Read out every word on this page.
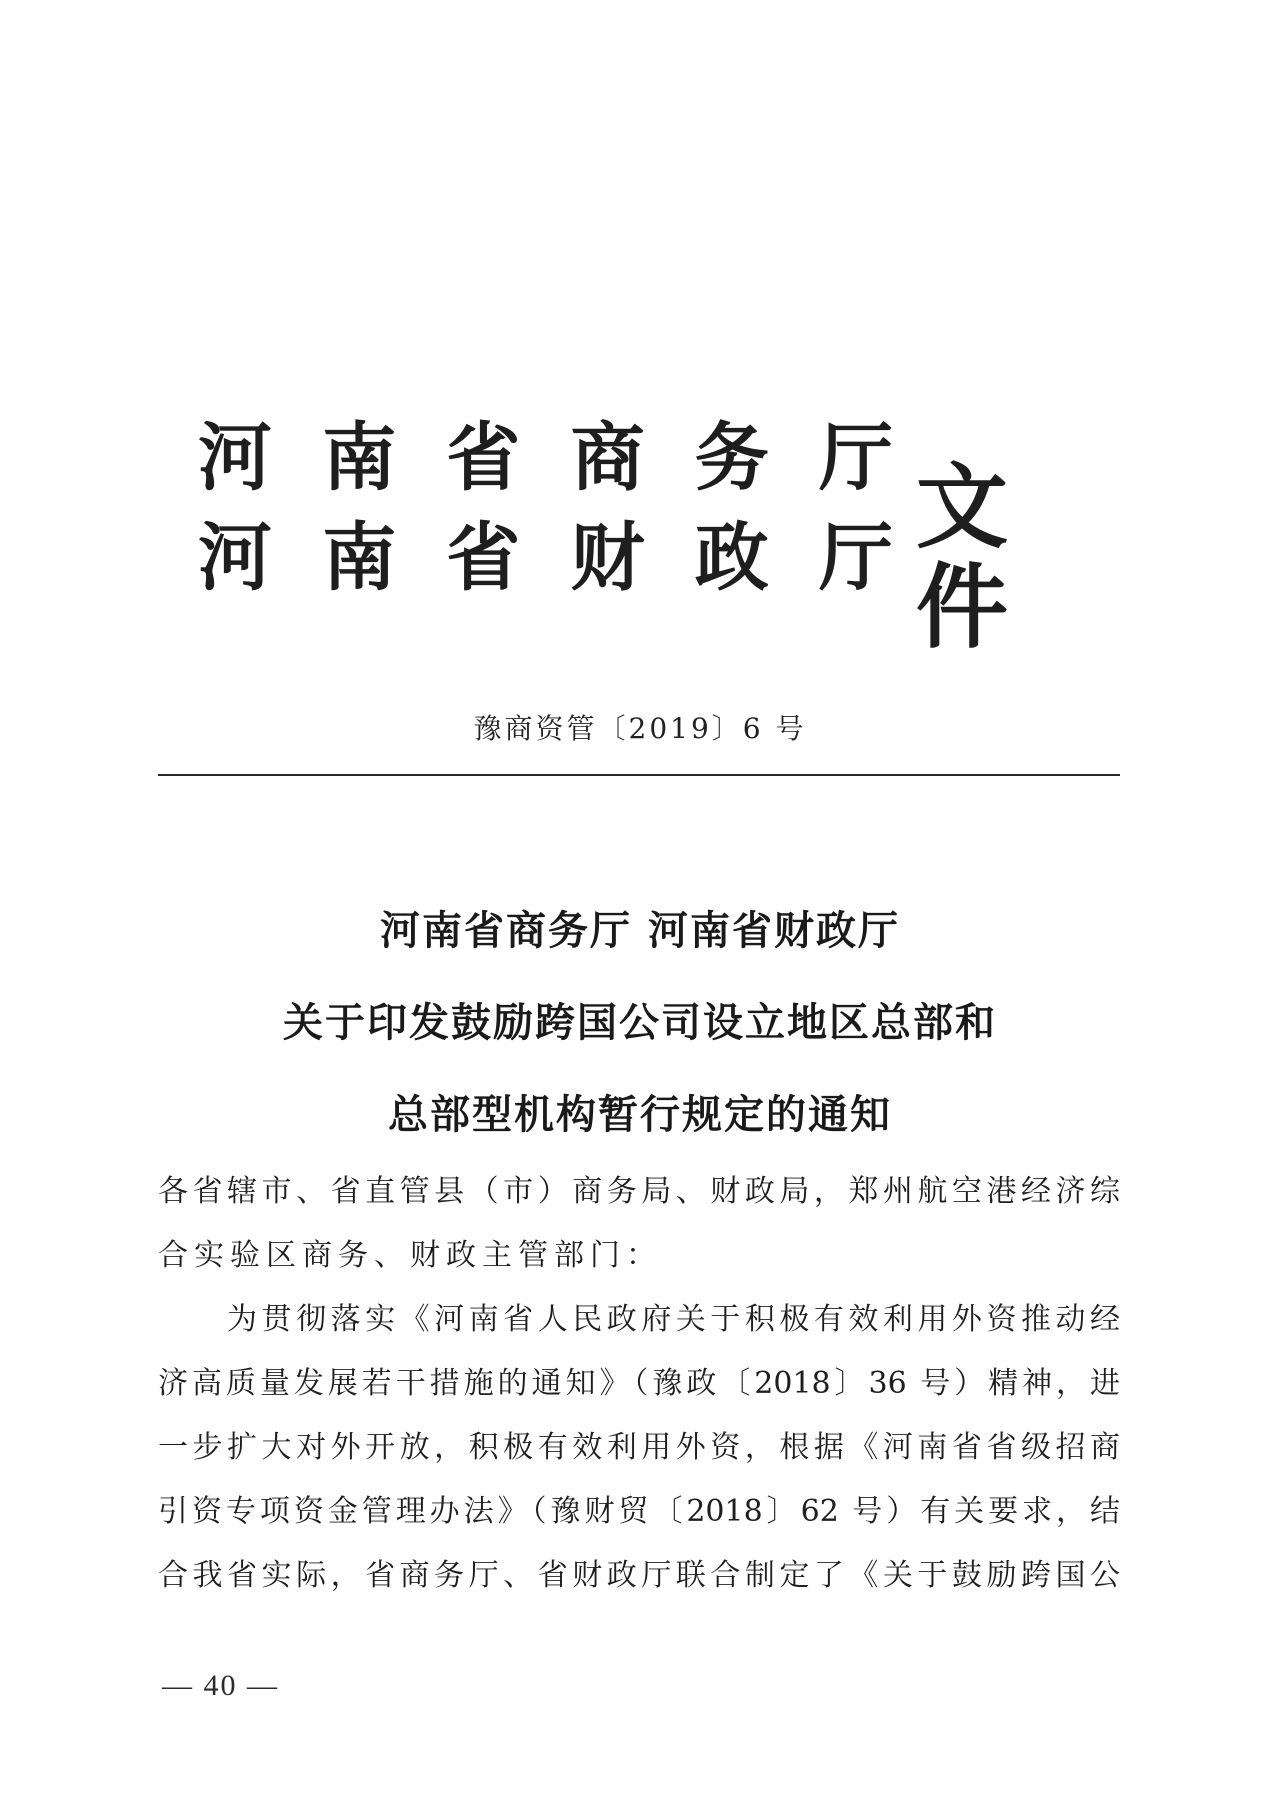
河 南 省 商 务 厅
河 南 省 财 政 厅 文件
豫商资管〔2019〕6 号
河南省商务厅 河南省财政厅
关于印发鼓励跨国公司设立地区总部和
总部型机构暂行规定的通知
各省辖市、省直管县（市）商务局、财政局，郑州航空港经济综
合实验区商务、财政主管部门：
　　为贯彻落实《河南省人民政府关于积极有效利用外资推动经
济高质量发展若干措施的通知》（豫政〔2018〕36 号）精神，进
一步扩大对外开放，积极有效利用外资，根据《河南省省级招商
引资专项资金管理办法》（豫财贸〔2018〕62 号）有关要求，结
合我省实际，省商务厅、省财政厅联合制定了《关于鼓励跨国公
— 40 —
